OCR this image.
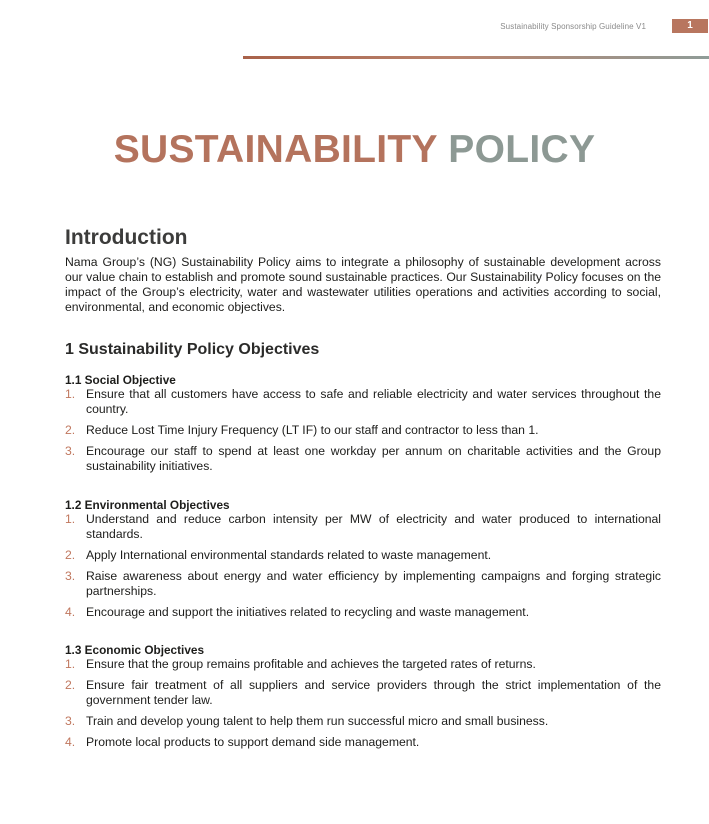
Sustainability Sponsorship Guideline V1	1
SUSTAINABILITY POLICY
Introduction

Nama Group’s (NG) Sustainability Policy aims to integrate a philosophy of sustainable development across our value chain to establish and promote sound sustainable practices. Our Sustainability Policy focuses on the impact of the Group’s electricity, water and wastewater utilities operations and activities according to social, environmental, and economic objectives.

1 Sustainability Policy Objectives
1.1 Social Objective
1. Ensure that all customers have access to safe and reliable electricity and water services throughout the country.
2. Reduce Lost Time Injury Frequency (LT IF) to our staff and contractor to less than 1.
3. Encourage our staff to spend at least one workday per annum on charitable activities and the Group sustainability initiatives.
1.2 Environmental Objectives
1. Understand and reduce carbon intensity per MW of electricity and water produced to international standards.
2. Apply International environmental standards related to waste management.
3. Raise awareness about energy and water efficiency by implementing campaigns and forging strategic partnerships.
4. Encourage and support the initiatives related to recycling and waste management.
1.3 Economic Objectives
1. Ensure that the group remains profitable and achieves the targeted rates of returns.
2. Ensure fair treatment of all suppliers and service providers through the strict implementation of the government tender law.
3. Train and develop young talent to help them run successful micro and small business.
4. Promote local products to support demand side management.
